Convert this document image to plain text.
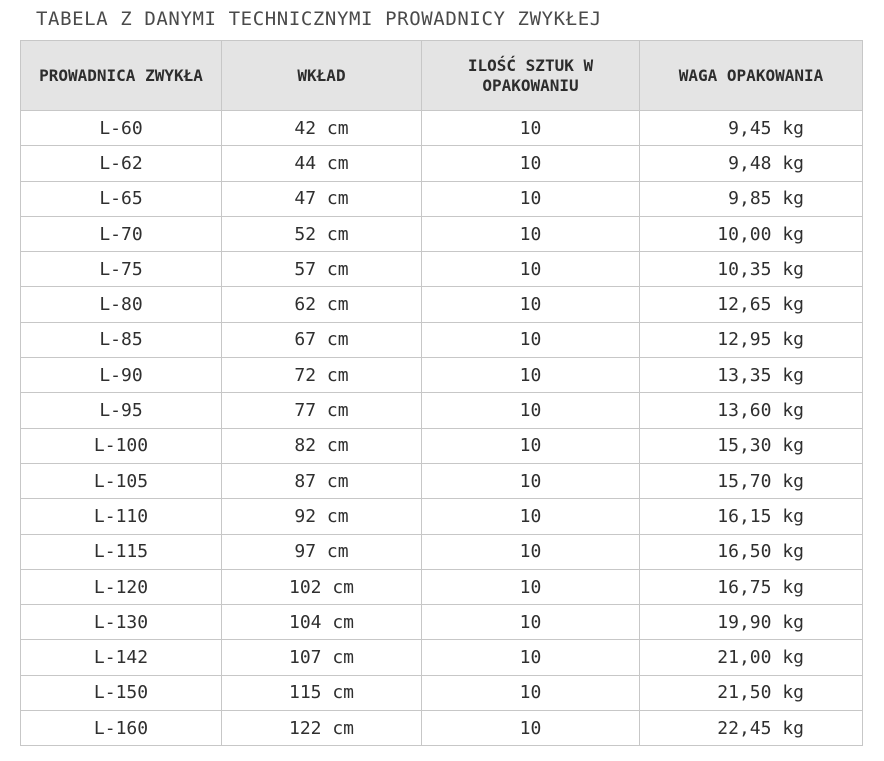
TABELA Z DANYMI TECHNICZNYMI PROWADNICY ZWYKŁEJ
PROWADNICA ZWYKŁA	WKŁAD	ILOŚĆ SZTUK W OPAKOWANIU	WAGA OPAKOWANIA

L-60	42 cm	10	9,45 kg
L-62	44 cm	10	9,48 kg
L-65	47 cm	10	9,85 kg
L-70	52 cm	10	10,00 kg
L-75	57 cm	10	10,35 kg
L-80	62 cm	10	12,65 kg
L-85	67 cm	10	12,95 kg
L-90	72 cm	10	13,35 kg
L-95	77 cm	10	13,60 kg
L-100	82 cm	10	15,30 kg
L-105	87 cm	10	15,70 kg
L-110	92 cm	10	16,15 kg
L-115	97 cm	10	16,50 kg
L-120	102 cm	10	16,75 kg
L-130	104 cm	10	19,90 kg
L-142	107 cm	10	21,00 kg
L-150	115 cm	10	21,50 kg
L-160	122 cm	10	22,45 kg
